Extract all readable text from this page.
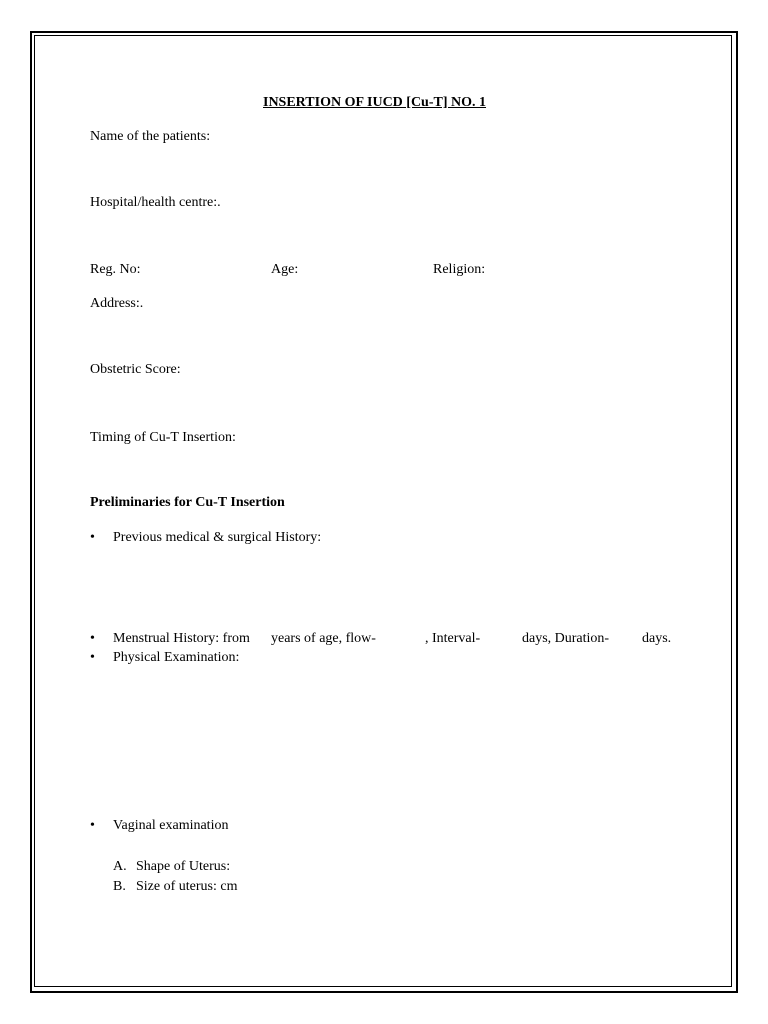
INSERTION OF IUCD [Cu-T] NO. 1
Name of the patients:
Hospital/health centre:.
Reg. No:	Age:	Religion:
Address:.
Obstetric Score:
Timing of Cu-T Insertion:
Preliminaries for Cu-T Insertion
• Previous medical & surgical History:
• Menstrual History: from years of age, flow-	, Interval-	days, Duration- days.
• Physical Examination:
• Vaginal examination
A. Shape of Uterus:
B. Size of uterus: cm
